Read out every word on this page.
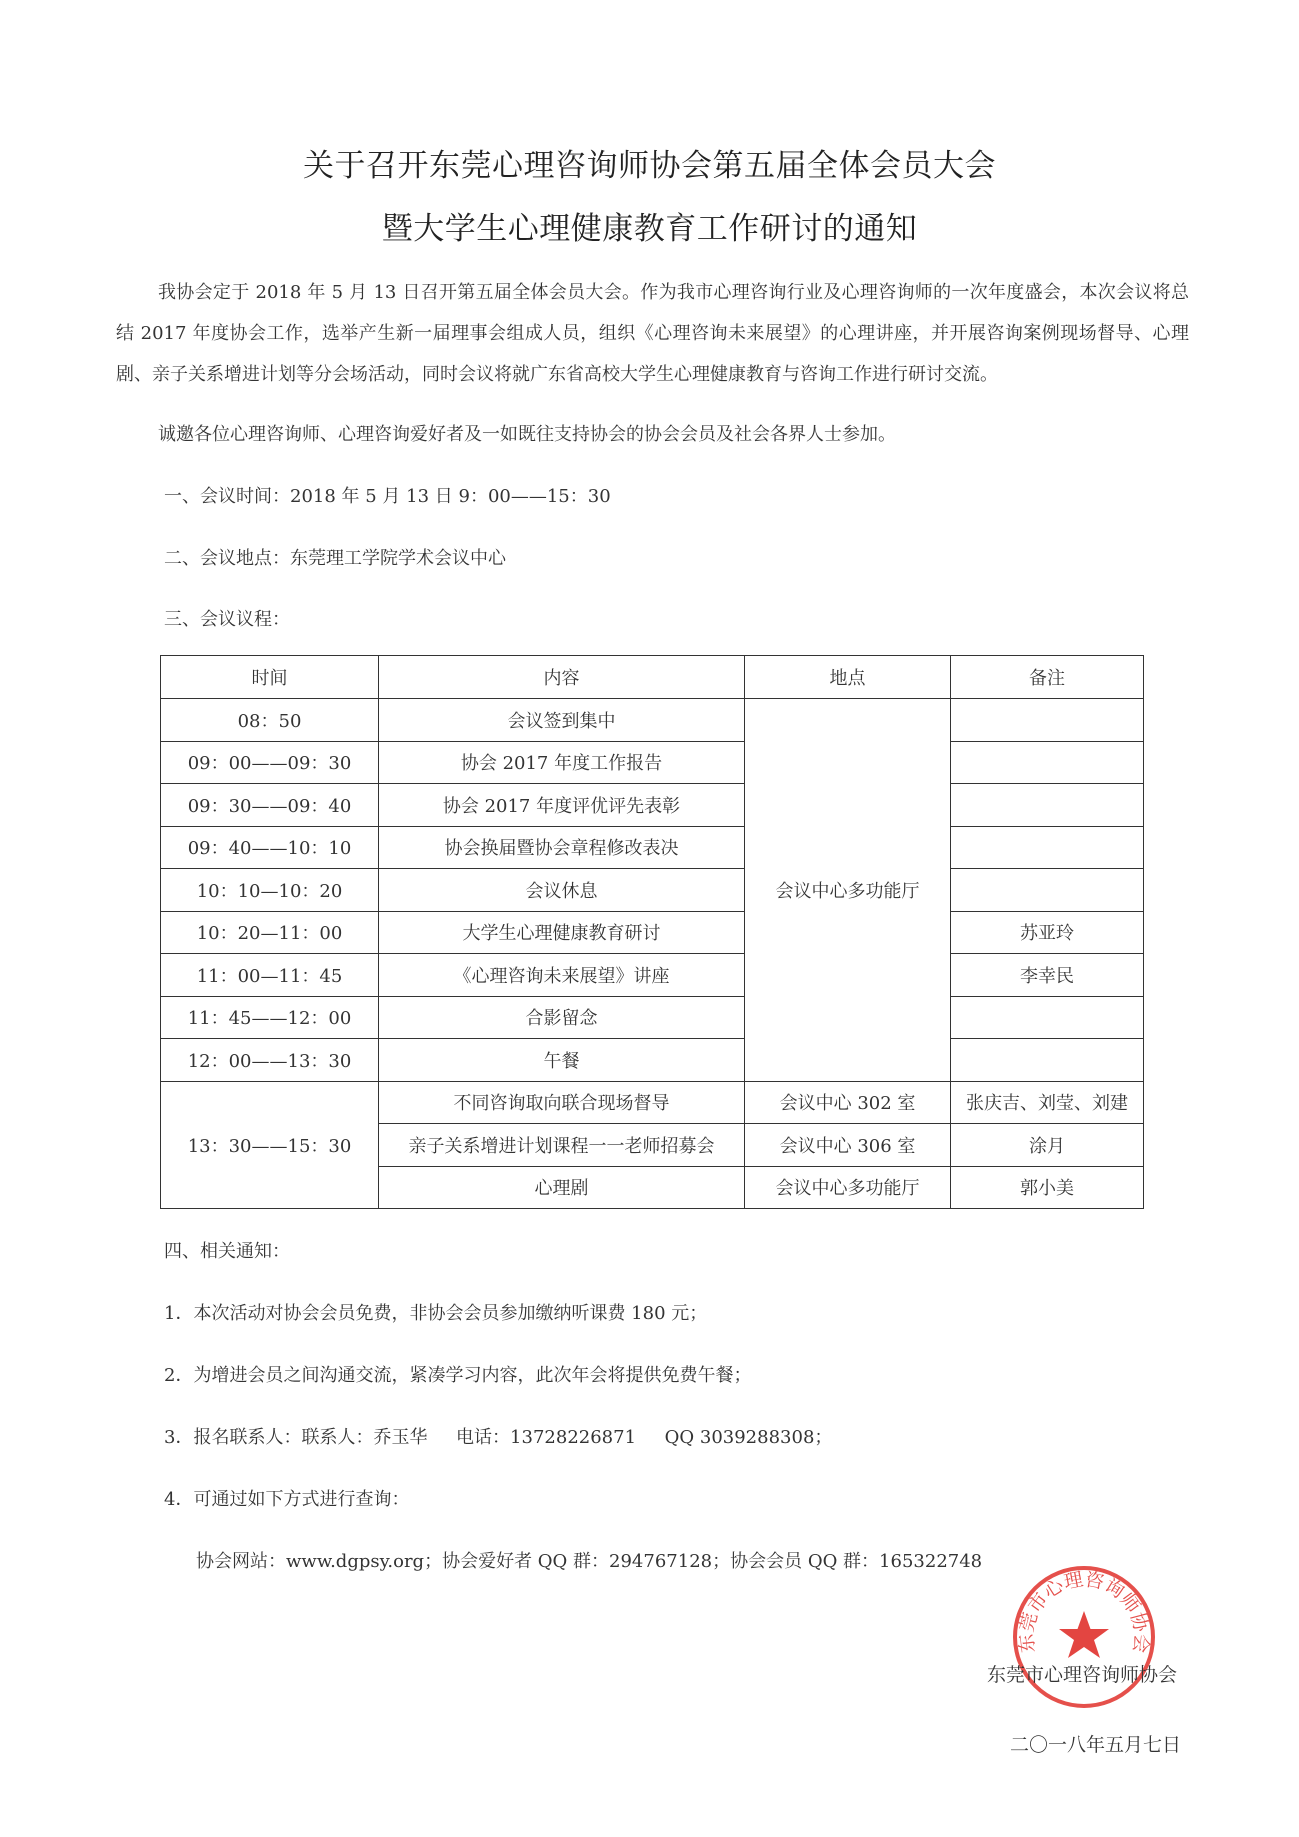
关于召开东莞心理咨询师协会第五届全体会员大会
暨大学生心理健康教育工作研讨的通知
我协会定于 2018 年 5 月 13 日召开第五届全体会员大会。作为我市心理咨询行业及心理咨询师的一次年度盛会，本次会议将总结 2017 年度协会工作，选举产生新一届理事会组成人员，组织《心理咨询未来展望》的心理讲座，并开展咨询案例现场督导、心理剧、亲子关系增进计划等分会场活动，同时会议将就广东省高校大学生心理健康教育与咨询工作进行研讨交流。
诚邀各位心理咨询师、心理咨询爱好者及一如既往支持协会的协会会员及社会各界人士参加。
一、会议时间：2018 年 5 月 13 日 9：00——15：30
二、会议地点：东莞理工学院学术会议中心
三、会议议程：
时间	内容	地点	备注
08：50	会议签到集中	会议中心多功能厅	
09：00——09：30	协会 2017 年度工作报告		
09：30——09：40	协会 2017 年度评优评先表彰		
09：40——10：10	协会换届暨协会章程修改表决		
10：10—10：20	会议休息		
10：20—11：00	大学生心理健康教育研讨		苏亚玲
11：00—11：45	《心理咨询未来展望》讲座		李幸民
11：45——12：00	合影留念		
12：00——13：30	午餐		
13：30——15：30	不同咨询取向联合现场督导	会议中心 302 室	张庆吉、刘莹、刘建
	亲子关系增进计划课程一一老师招募会	会议中心 306 室	涂月
	心理剧	会议中心多功能厅	郭小美
四、相关通知：
1．本次活动对协会会员免费，非协会会员参加缴纳听课费 180 元；
2．为增进会员之间沟通交流，紧凑学习内容，此次年会将提供免费午餐；
3．报名联系人：联系人：乔玉华     电话：13728226871     QQ 3039288308；
4．可通过如下方式进行查询：
协会网站：www.dgpsy.org；协会爱好者 QQ 群：294767128；协会会员 QQ 群：165322748
东莞市心理咨询师协会
东莞市心理咨询师协会
二〇一八年五月七日
